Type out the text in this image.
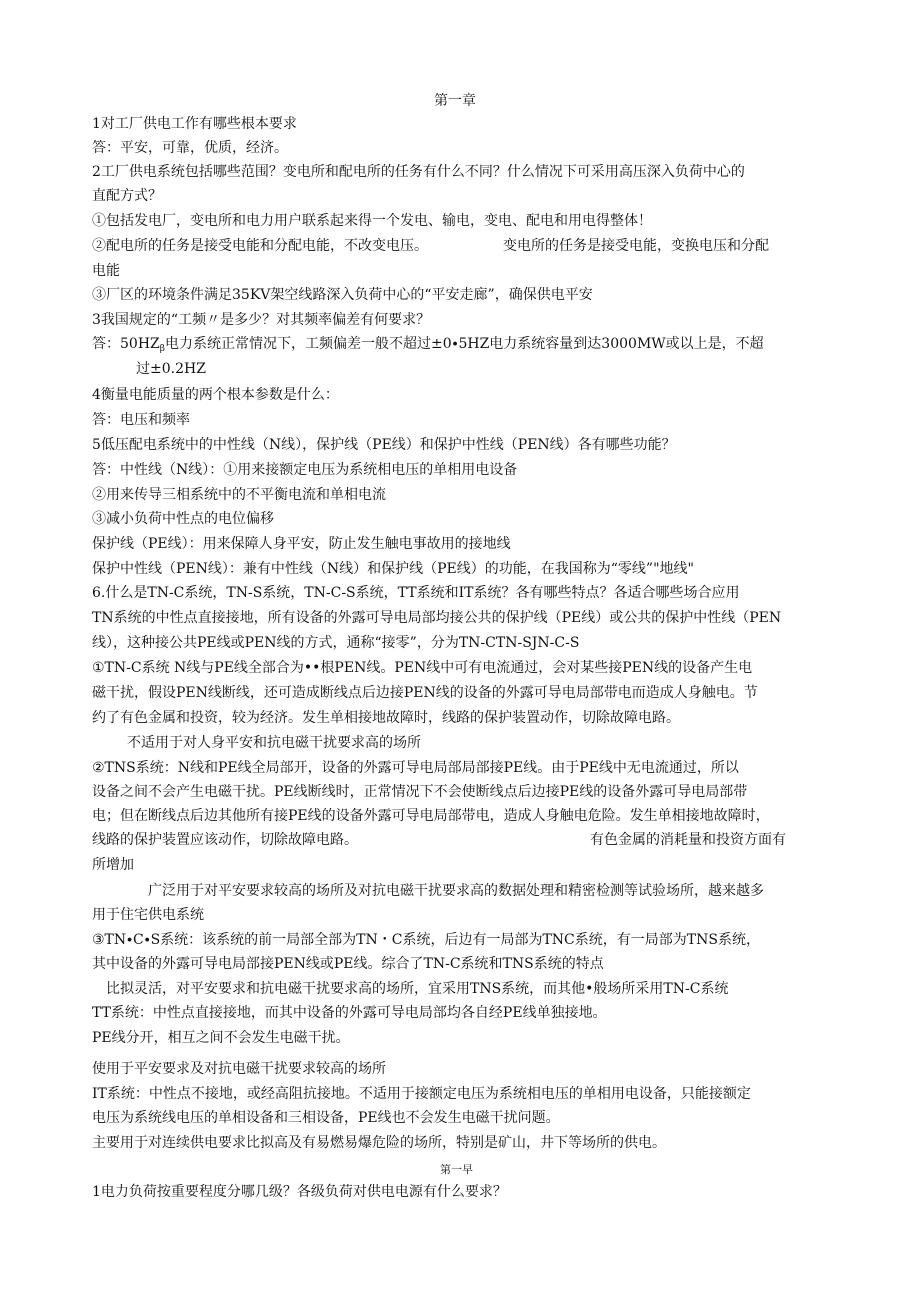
第一章
1对工厂供电工作有哪些根本要求
答：平安，可靠，优质，经济。
2工厂供电系统包括哪些范围？变电所和配电所的任务有什么不同？什么情况下可采用高压深入负荷中心的
直配方式？
①包括发电厂，变电所和电力用户联系起来得一个发电、输电，变电、配电和用电得整体！
②配电所的任务是接受电能和分配电能，不改变电压。	变电所的任务是接受电能，变换电压和分配
电能
③厂区的环境条件满足35KV架空线路深入负荷中心的“平安走廊”，确保供电平安
3我国规定的“工频〃是多少？对其频率偏差有何要求？
答：$50HZ_\beta$电力系统正常情况下，工频偏差一般不超过±0∙5HZ电力系统容量到达3000MW或以上是，不超
过±0.2HZ
4衡量电能质量的两个根本参数是什么：
答：电压和频率
5低压配电系统中的中性线（N线），保护线（PE线）和保护中性线（PEN线）各有哪些功能？
答：中性线（N线）：①用来接额定电压为系统相电压的单相用电设备
②用来传导三相系统中的不平衡电流和单相电流
③减小负荷中性点的电位偏移
保护线（PE线）：用来保障人身平安，防止发生触电事故用的接地线
保护中性线（PEN线）：兼有中性线（N线）和保护线（PE线）的功能，在我国称为“零线”"地线"
6.什么是TN-C系统，TN-S系统，TN-C-S系统，TT系统和IT系统？各有哪些特点？各适合哪些场合应用
TN系统的中性点直接接地，所有设备的外露可导电局部均接公共的保护线（PE线）或公共的保护中性线（PEN
线），这种接公共PE线或PEN线的方式，通称“接零”，分为TN-CTN-SJN-C-S
①TN-C系统 N线与PE线全部合为••根PEN线。PEN线中可有电流通过，会对某些接PEN线的设备产生电
磁干扰，假设PEN线断线，还可造成断线点后边接PEN线的设备的外露可导电局部带电而造成人身触电。节
约了有色金属和投资，较为经济。发生单相接地故障时，线路的保护装置动作，切除故障电路。
不适用于对人身平安和抗电磁干扰要求高的场所
②TNS系统：N线和PE线全局部开，设备的外露可导电局部局部接PE线。由于PE线中无电流通过，所以
设备之间不会产生电磁干扰。PE线断线时，正常情况下不会使断线点后边接PE线的设备外露可导电局部带
电；但在断线点后边其他所有接PE线的设备外露可导电局部带电，造成人身触电危险。发生单相接地故障时，
线路的保护装置应该动作，切除故障电路。	有色金属的消耗量和投资方面有
所增加
广泛用于对平安要求较高的场所及对抗电磁干扰要求高的数据处理和精密检测等试验场所，越来越多
用于住宅供电系统
③TN∙C∙S系统：该系统的前一局部全部为TN・C系统，后边有一局部为TNC系统，有一局部为TNS系统，
其中设备的外露可导电局部接PEN线或PE线。综合了TN-C系统和TNS系统的特点
比拟灵活，对平安要求和抗电磁干扰要求高的场所，宜采用TNS系统，而其他•般场所采用TN-C系统
TT系统：中性点直接接地，而其中设备的外露可导电局部均各自经PE线单独接地。
PE线分开，相互之间不会发生电磁干扰。
使用于平安要求及对抗电磁干扰要求较高的场所
IT系统：中性点不接地，或经高阻抗接地。不适用于接额定电压为系统相电压的单相用电设备，只能接额定
电压为系统线电压的单相设备和三相设备，PE线也不会发生电磁干扰问题。
主要用于对连续供电要求比拟高及有易燃易爆危险的场所，特别是矿山，井下等场所的供电。
第一早
1电力负荷按重要程度分哪几级？各级负荷对供电电源有什么要求？
